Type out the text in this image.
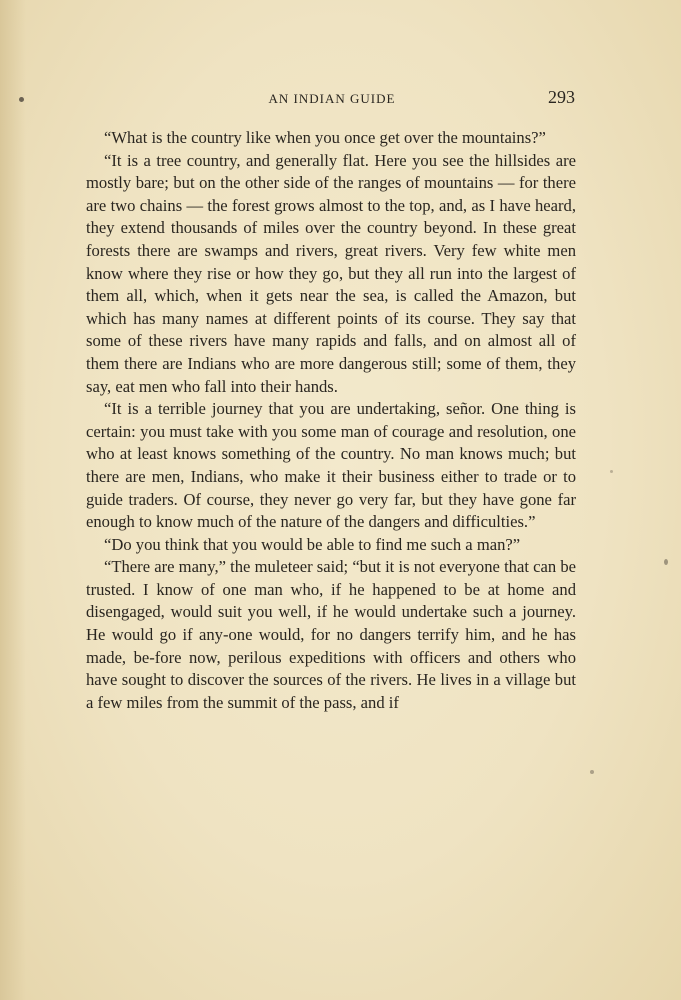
AN INDIAN GUIDE	293

“What is the country like when you once get over the mountains?”

“It is a tree country, and generally flat. Here you see the hillsides are mostly bare; but on the other side of the ranges of mountains — for there are two chains — the forest grows almost to the top, and, as I have heard, they extend thousands of miles over the country beyond. In these great forests there are swamps and rivers, great rivers. Very few white men know where they rise or how they go, but they all run into the largest of them all, which, when it gets near the sea, is called the Amazon, but which has many names at different points of its course. They say that some of these rivers have many rapids and falls, and on almost all of them there are Indians who are more dangerous still; some of them, they say, eat men who fall into their hands.

“It is a terrible journey that you are undertaking, señor. One thing is certain: you must take with you some man of courage and resolution, one who at least knows something of the country. No man knows much; but there are men, Indians, who make it their business either to trade or to guide traders. Of course, they never go very far, but they have gone far enough to know much of the nature of the dangers and difficulties.”

“Do you think that you would be able to find me such a man?”

“There are many,” the muleteer said; “but it is not everyone that can be trusted. I know of one man who, if he happened to be at home and disengaged, would suit you well, if he would undertake such a journey. He would go if any-one would, for no dangers terrify him, and he has made, be-fore now, perilous expeditions with officers and others who have sought to discover the sources of the rivers. He lives in a village but a few miles from the summit of the pass, and if
